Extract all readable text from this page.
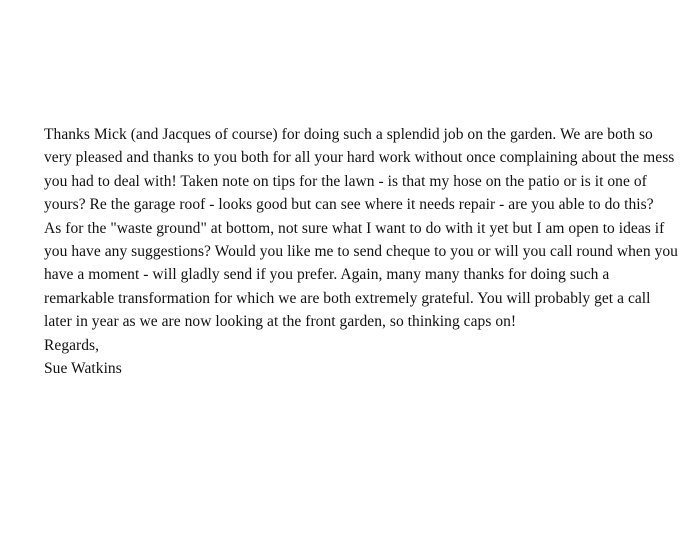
Thanks Mick (and Jacques of course) for doing such a splendid job on the garden. We are both so
very pleased and thanks to you both for all your hard work without once complaining about the mess
you had to deal with! Taken note on tips for the lawn - is that my hose on the patio or is it one of
yours? Re the garage roof - looks good but can see where it needs repair - are you able to do this?
As for the "waste ground" at bottom, not sure what I want to do with it yet but I am open to ideas if
you have any suggestions? Would you like me to send cheque to you or will you call round when you
have a moment - will gladly send if you prefer. Again, many many thanks for doing such a
remarkable transformation for which we are both extremely grateful. You will probably get a call
later in year as we are now looking at the front garden, so thinking caps on!
Regards,
Sue Watkins
